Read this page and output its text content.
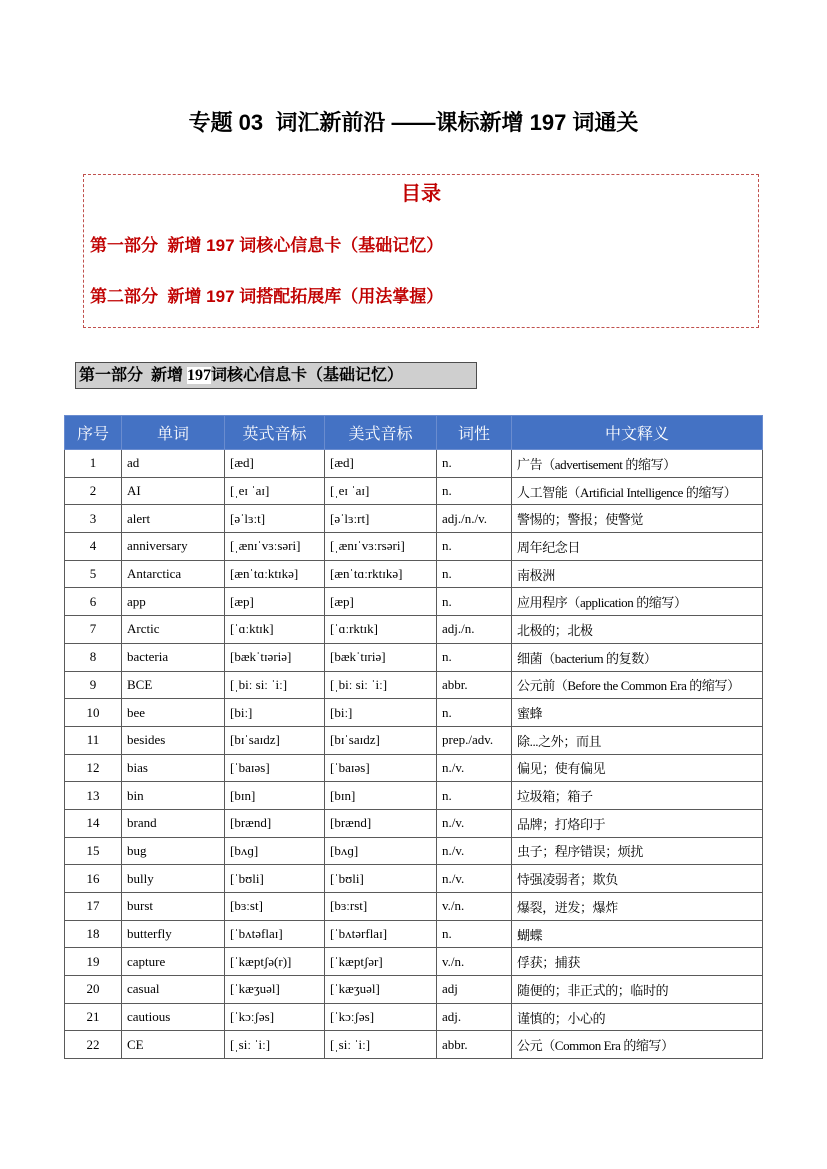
专题 03  词汇新前沿 ——课标新增 197 词通关
目录
第一部分  新增 197 词核心信息卡（基础记忆）
第二部分  新增 197 词搭配拓展库（用法掌握）
第一部分  新增 197词核心信息卡（基础记忆）
序号	单词	英式音标	美式音标	词性	中文释义
1	ad	[æd]	[æd]	n.	广告（advertisement 的缩写）
2	AI	[ˌeɪ ˈaɪ]	[ˌeɪ ˈaɪ]	n.	人工智能（Artificial Intelligence 的缩写）
3	alert	[əˈlɜːt]	[əˈlɜːrt]	adj./n./v.	警惕的；警报；使警觉
4	anniversary	[ˌænɪˈvɜːsəri]	[ˌænɪˈvɜːrsəri]	n.	周年纪念日
5	Antarctica	[ænˈtɑːktɪkə]	[ænˈtɑːrktɪkə]	n.	南极洲
6	app	[æp]	[æp]	n.	应用程序（application 的缩写）
7	Arctic	[ˈɑːktɪk]	[ˈɑːrktɪk]	adj./n.	北极的；北极
8	bacteria	[bækˈtɪəriə]	[bækˈtɪriə]	n.	细菌（bacterium 的复数）
9	BCE	[ˌbiː siː ˈiː]	[ˌbiː siː ˈiː]	abbr.	公元前（Before the Common Era 的缩写）
10	bee	[biː]	[biː]	n.	蜜蜂
11	besides	[bɪˈsaɪdz]	[bɪˈsaɪdz]	prep./adv.	除...之外；而且
12	bias	[ˈbaɪəs]	[ˈbaɪəs]	n./v.	偏见；使有偏见
13	bin	[bɪn]	[bɪn]	n.	垃圾箱；箱子
14	brand	[brænd]	[brænd]	n./v.	品牌；打烙印于
15	bug	[bʌɡ]	[bʌɡ]	n./v.	虫子；程序错误；烦扰
16	bully	[ˈbʊli]	[ˈbʊli]	n./v.	恃强凌弱者；欺负
17	burst	[bɜːst]	[bɜːrst]	v./n.	爆裂，迸发；爆炸
18	butterfly	[ˈbʌtəflaɪ]	[ˈbʌtərflaɪ]	n.	蝴蝶
19	capture	[ˈkæptʃə(r)]	[ˈkæptʃər]	v./n.	俘获；捕获
20	casual	[ˈkæʒuəl]	[ˈkæʒuəl]	adj	随便的；非正式的；临时的
21	cautious	[ˈkɔːʃəs]	[ˈkɔːʃəs]	adj.	谨慎的；小心的
22	CE	[ˌsiː ˈiː]	[ˌsiː ˈiː]	abbr.	公元（Common Era 的缩写）
